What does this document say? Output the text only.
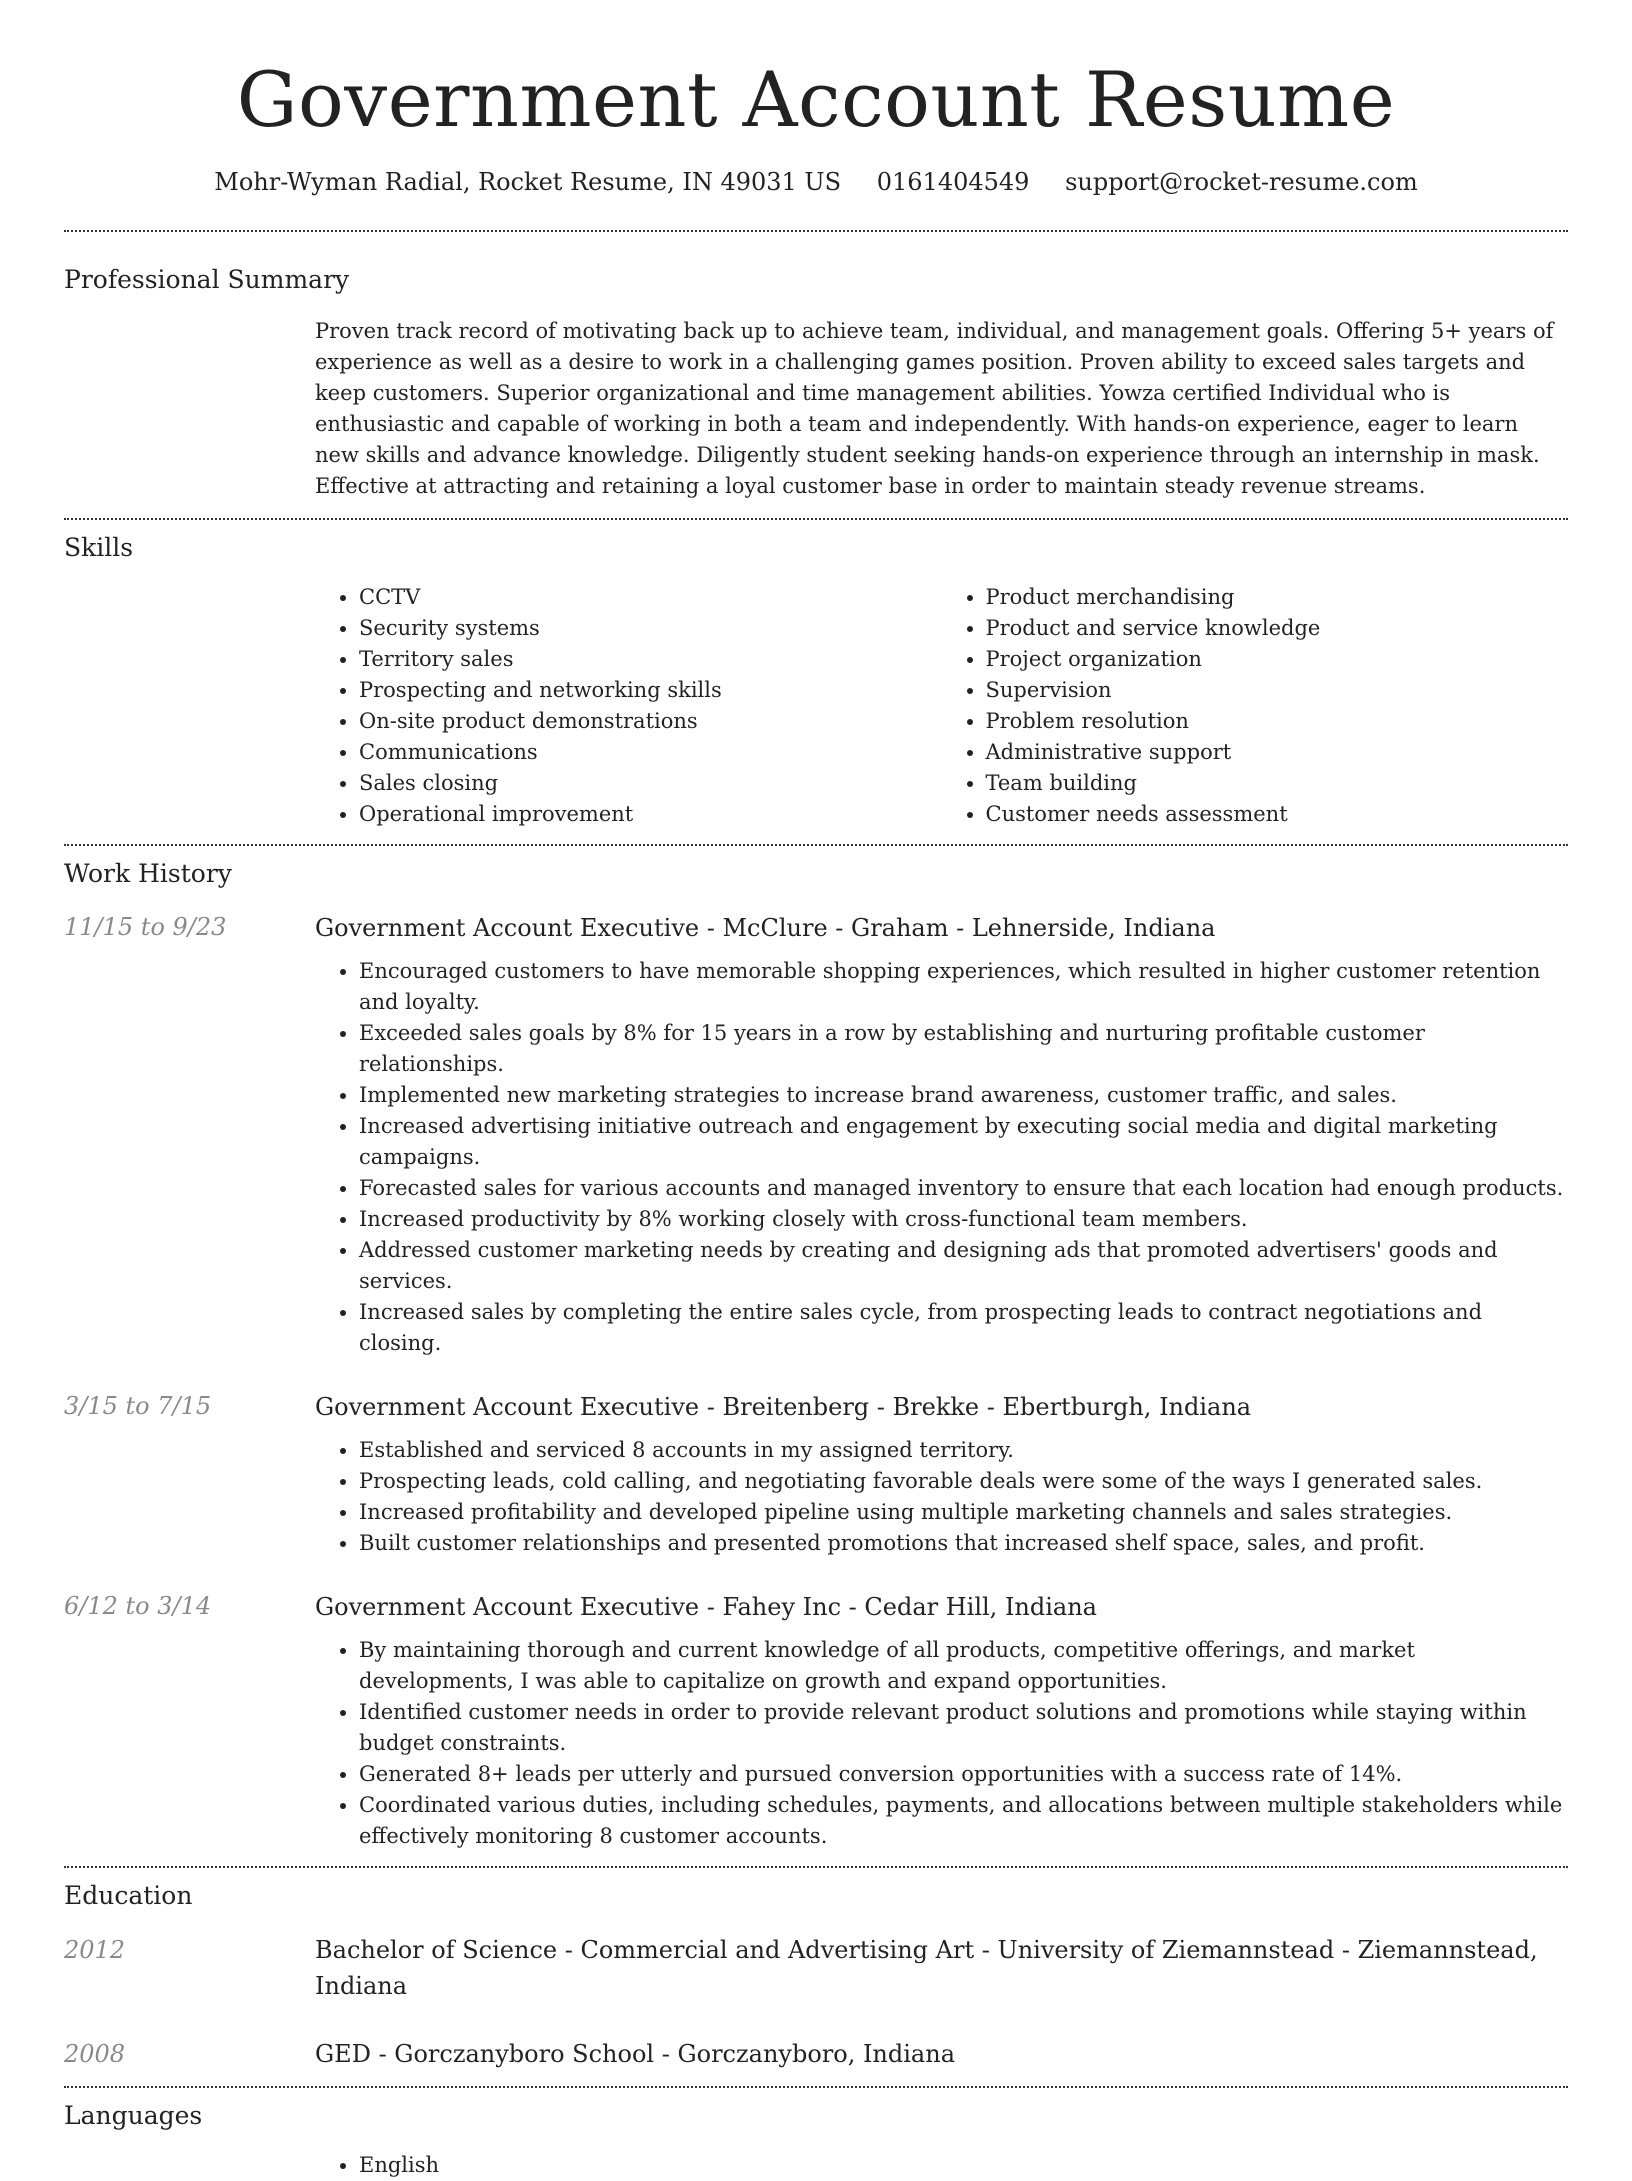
Government Account Resume
Mohr-Wyman Radial, Rocket Resume, IN 49031 US 0161404549 support@rocket-resume.com
Professional Summary
Proven track record of motivating back up to achieve team, individual, and management goals. Offering 5+ years of experience as well as a desire to work in a challenging games position. Proven ability to exceed sales targets and keep customers. Superior organizational and time management abilities. Yowza certified Individual who is enthusiastic and capable of working in both a team and independently. With hands-on experience, eager to learn new skills and advance knowledge. Diligently student seeking hands-on experience through an internship in mask. Effective at attracting and retaining a loyal customer base in order to maintain steady revenue streams.
Skills
• CCTV
• Security systems
• Territory sales
• Prospecting and networking skills
• On-site product demonstrations
• Communications
• Sales closing
• Operational improvement
• Product merchandising
• Product and service knowledge
• Project organization
• Supervision
• Problem resolution
• Administrative support
• Team building
• Customer needs assessment
Work History
11/15 to 9/23	Government Account Executive - McClure - Graham - Lehnerside, Indiana
• Encouraged customers to have memorable shopping experiences, which resulted in higher customer retention and loyalty.
• Exceeded sales goals by 8% for 15 years in a row by establishing and nurturing profitable customer relationships.
• Implemented new marketing strategies to increase brand awareness, customer traffic, and sales.
• Increased advertising initiative outreach and engagement by executing social media and digital marketing campaigns.
• Forecasted sales for various accounts and managed inventory to ensure that each location had enough products.
• Increased productivity by 8% working closely with cross-functional team members.
• Addressed customer marketing needs by creating and designing ads that promoted advertisers' goods and services.
• Increased sales by completing the entire sales cycle, from prospecting leads to contract negotiations and closing.
3/15 to 7/15	Government Account Executive - Breitenberg - Brekke - Ebertburgh, Indiana
• Established and serviced 8 accounts in my assigned territory.
• Prospecting leads, cold calling, and negotiating favorable deals were some of the ways I generated sales.
• Increased profitability and developed pipeline using multiple marketing channels and sales strategies.
• Built customer relationships and presented promotions that increased shelf space, sales, and profit.
6/12 to 3/14	Government Account Executive - Fahey Inc - Cedar Hill, Indiana
• By maintaining thorough and current knowledge of all products, competitive offerings, and market developments, I was able to capitalize on growth and expand opportunities.
• Identified customer needs in order to provide relevant product solutions and promotions while staying within budget constraints.
• Generated 8+ leads per utterly and pursued conversion opportunities with a success rate of 14%.
• Coordinated various duties, including schedules, payments, and allocations between multiple stakeholders while effectively monitoring 8 customer accounts.
Education
2012	Bachelor of Science - Commercial and Advertising Art - University of Ziemannstead - Ziemannstead, Indiana
2008	GED - Gorczanyboro School - Gorczanyboro, Indiana
Languages
• English
